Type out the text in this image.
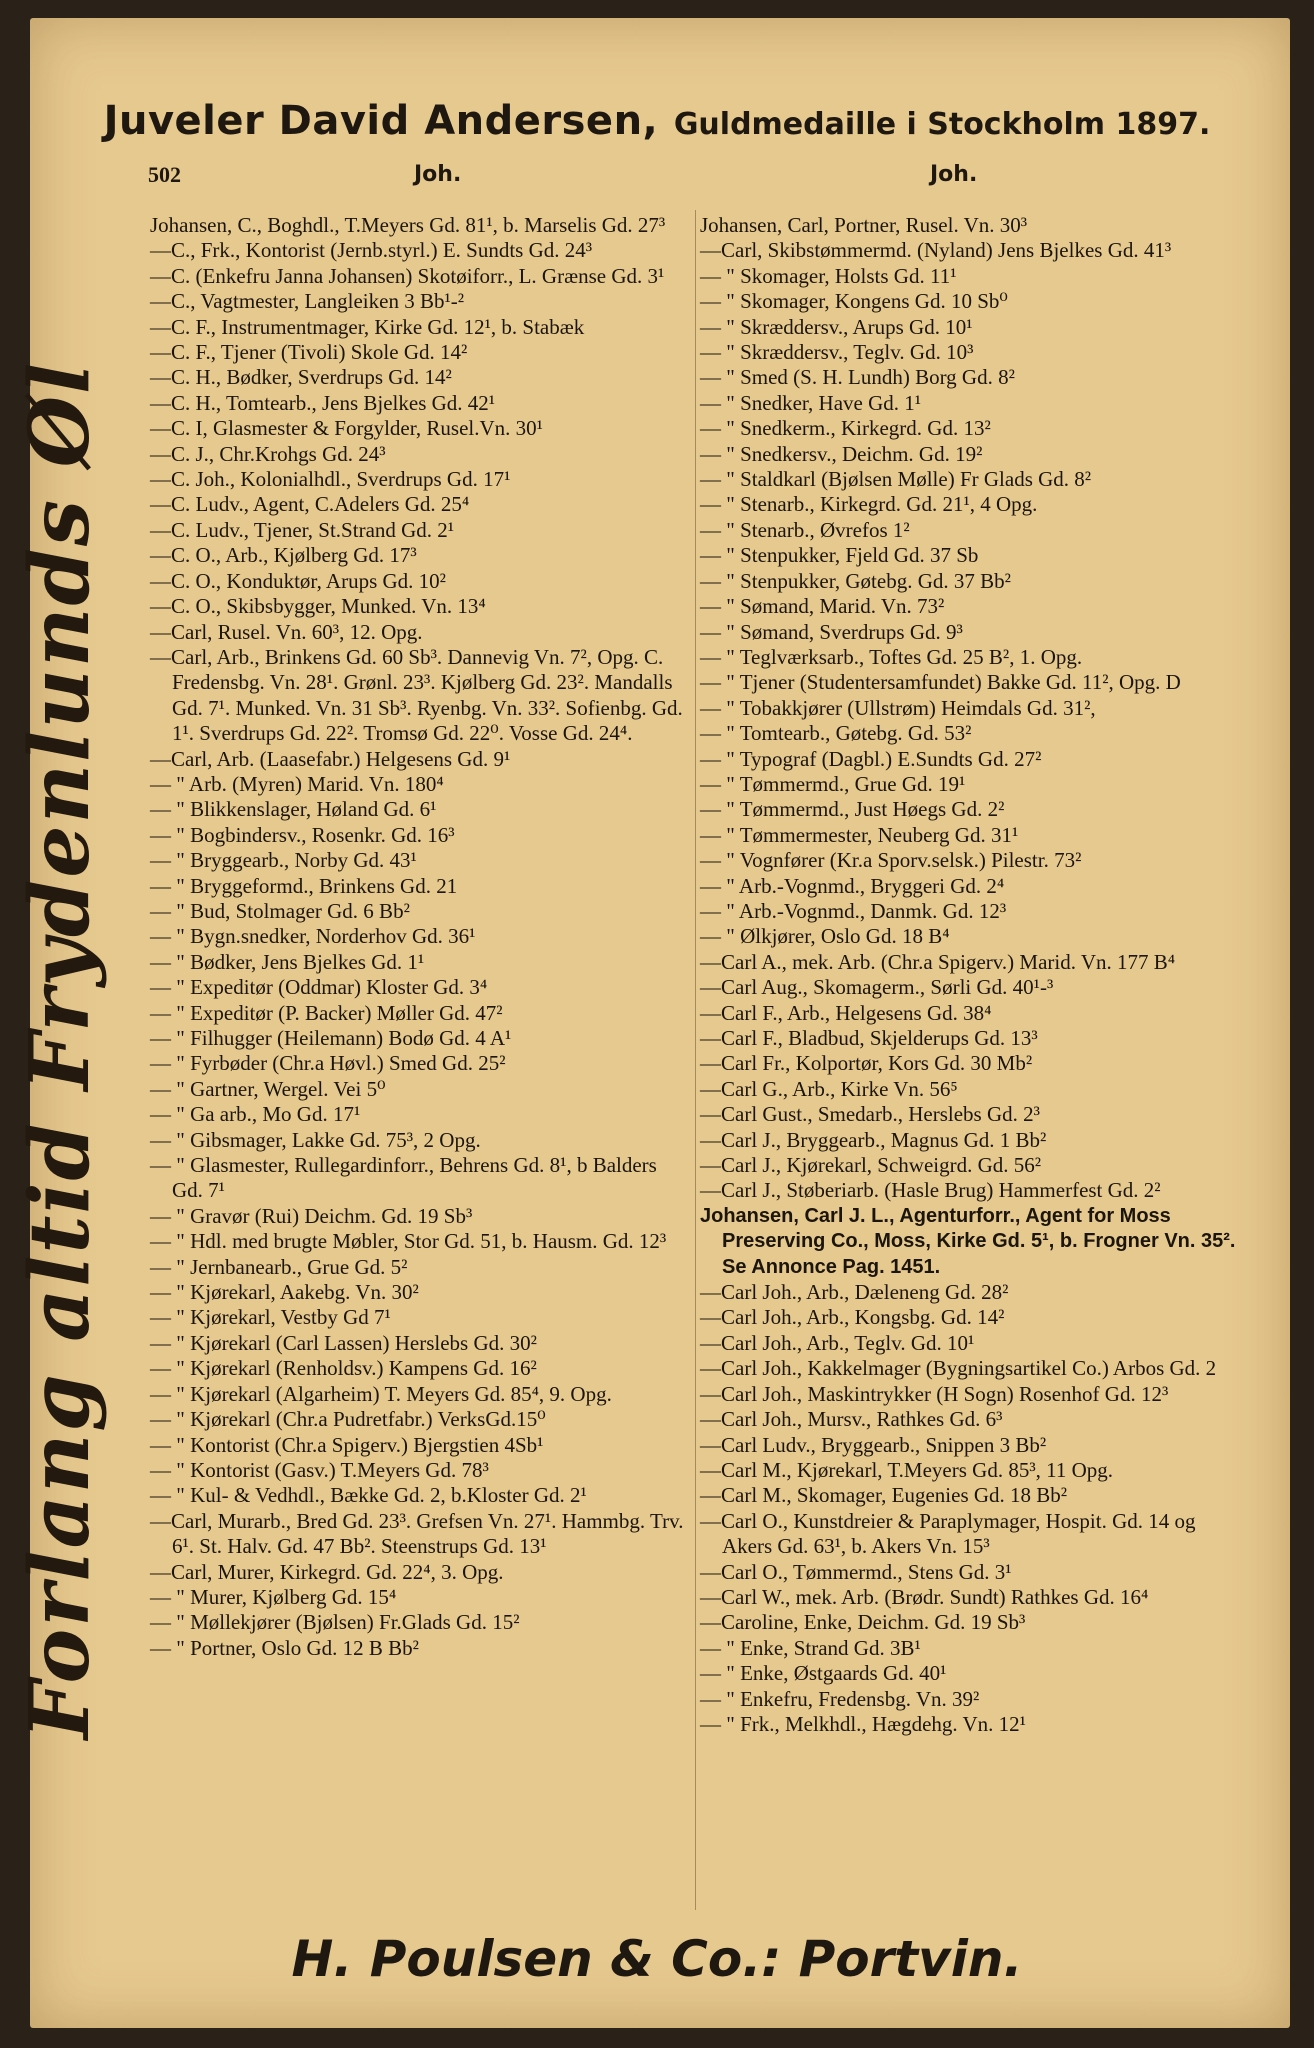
Juveler David Andersen, Guldmedaille i Stockholm 1897.
502	Joh.	Joh.
Forlang altid Frydenlunds Øl
Johansen, C., Boghdl., T.Meyers Gd. 81¹, b. Marselis Gd. 27³
—C., Frk., Kontorist (Jernb.styrl.) E. Sundts Gd. 24³
—C. (Enkefru Janna Johansen) Skotøiforr., L. Grænse Gd. 3¹
—C., Vagtmester, Langleiken 3 Bb¹-²
—C. F., Instrumentmager, Kirke Gd. 12¹, b. Stabæk
—C. F., Tjener (Tivoli) Skole Gd. 14²
—C. H., Bødker, Sverdrups Gd. 14²
—C. H., Tomtearb., Jens Bjelkes Gd. 42¹
—C. I, Glasmester & Forgylder, Rusel.Vn. 30¹
—C. J., Chr.Krohgs Gd. 24³
—C. Joh., Kolonialhdl., Sverdrups Gd. 17¹
—C. Ludv., Agent, C.Adelers Gd. 25⁴
—C. Ludv., Tjener, St.Strand Gd. 2¹
—C. O., Arb., Kjølberg Gd. 17³
—C. O., Konduktør, Arups Gd. 10²
—C. O., Skibsbygger, Munked. Vn. 13⁴
—Carl, Rusel. Vn. 60³, 12. Opg.
—Carl, Arb., Brinkens Gd. 60 Sb³. Dannevig Vn. 7², Opg. C. Fredensbg. Vn. 28¹. Grønl. 23³. Kjølberg Gd. 23². Mandalls Gd. 7¹. Munked. Vn. 31 Sb³. Ryenbg. Vn. 33². Sofienbg. Gd. 1¹. Sverdrups Gd. 22². Tromsø Gd. 22⁰. Vosse Gd. 24⁴.
—Carl, Arb. (Laasefabr.) Helgesens Gd. 9¹
— " Arb. (Myren) Marid. Vn. 180⁴
— " Blikkenslager, Høland Gd. 6¹
— " Bogbindersv., Rosenkr. Gd. 16³
— " Bryggearb., Norby Gd. 43¹
— " Bryggeformd., Brinkens Gd. 21
— " Bud, Stolmager Gd. 6 Bb²
— " Bygn.snedker, Norderhov Gd. 36¹
— " Bødker, Jens Bjelkes Gd. 1¹
— " Expeditør (Oddmar) Kloster Gd. 3⁴
— " Expeditør (P. Backer) Møller Gd. 47²
— " Filhugger (Heilemann) Bodø Gd. 4 A¹
— " Fyrbøder (Chr.a Høvl.) Smed Gd. 25²
— " Gartner, Wergel. Vei 5⁰
— " Ga arb., Mo Gd. 17¹
— " Gibsmager, Lakke Gd. 75³, 2 Opg.
— " Glasmester, Rullegardinforr., Behrens Gd. 8¹, b Balders Gd. 7¹
— " Gravør (Rui) Deichm. Gd. 19 Sb³
— " Hdl. med brugte Møbler, Stor Gd. 51, b. Hausm. Gd. 12³
— " Jernbanearb., Grue Gd. 5²
— " Kjørekarl, Aakebg. Vn. 30²
— " Kjørekarl, Vestby Gd 7¹
— " Kjørekarl (Carl Lassen) Herslebs Gd. 30²
— " Kjørekarl (Renholdsv.) Kampens Gd. 16²
— " Kjørekarl (Algarheim) T. Meyers Gd. 85⁴, 9. Opg.
— " Kjørekarl (Chr.a Pudretfabr.) VerksGd.15⁰
— " Kontorist (Chr.a Spigerv.) Bjergstien 4Sb¹
— " Kontorist (Gasv.) T.Meyers Gd. 78³
— " Kul- & Vedhdl., Bække Gd. 2, b.Kloster Gd. 2¹
—Carl, Murarb., Bred Gd. 23³. Grefsen Vn. 27¹. Hammbg. Trv. 6¹. St. Halv. Gd. 47 Bb². Steenstrups Gd. 13¹
—Carl, Murer, Kirkegrd. Gd. 22⁴, 3. Opg.
— " Murer, Kjølberg Gd. 15⁴
— " Møllekjører (Bjølsen) Fr.Glads Gd. 15²
— " Portner, Oslo Gd. 12 B Bb²
Johansen, Carl, Portner, Rusel. Vn. 30³
—Carl, Skibstømmermd. (Nyland) Jens Bjelkes Gd. 41³
— " Skomager, Holsts Gd. 11¹
— " Skomager, Kongens Gd. 10 Sb⁰
— " Skræddersv., Arups Gd. 10¹
— " Skræddersv., Teglv. Gd. 10³
— " Smed (S. H. Lundh) Borg Gd. 8²
— " Snedker, Have Gd. 1¹
— " Snedkerm., Kirkegrd. Gd. 13²
— " Snedkersv., Deichm. Gd. 19²
— " Staldkarl (Bjølsen Mølle) Fr Glads Gd. 8²
— " Stenarb., Kirkegrd. Gd. 21¹, 4 Opg.
— " Stenarb., Øvrefos 1²
— " Stenpukker, Fjeld Gd. 37 Sb
— " Stenpukker, Gøtebg. Gd. 37 Bb²
— " Sømand, Marid. Vn. 73²
— " Sømand, Sverdrups Gd. 9³
— " Teglværksarb., Toftes Gd. 25 B², 1. Opg.
— " Tjener (Studentersamfundet) Bakke Gd. 11², Opg. D
— " Tobakkjører (Ullstrøm) Heimdals Gd. 31²,
— " Tomtearb., Gøtebg. Gd. 53²
— " Typograf (Dagbl.) E.Sundts Gd. 27²
— " Tømmermd., Grue Gd. 19¹
— " Tømmermd., Just Høegs Gd. 2²
— " Tømmermester, Neuberg Gd. 31¹
— " Vognfører (Kr.a Sporv.selsk.) Pilestr. 73²
— " Arb.-Vognmd., Bryggeri Gd. 2⁴
— " Arb.-Vognmd., Danmk. Gd. 12³
— " Ølkjører, Oslo Gd. 18 B⁴
—Carl A., mek. Arb. (Chr.a Spigerv.) Marid. Vn. 177 B⁴
—Carl Aug., Skomagerm., Sørli Gd. 40¹-³
—Carl F., Arb., Helgesens Gd. 38⁴
—Carl F., Bladbud, Skjelderups Gd. 13³
—Carl Fr., Kolportør, Kors Gd. 30 Mb²
—Carl G., Arb., Kirke Vn. 56⁵
—Carl Gust., Smedarb., Herslebs Gd. 2³
—Carl J., Bryggearb., Magnus Gd. 1 Bb²
—Carl J., Kjørekarl, Schweigrd. Gd. 56²
—Carl J., Støberiarb. (Hasle Brug) Hammerfest Gd. 2²
Johansen, Carl J. L., Agenturforr., Agent for Moss Preserving Co., Moss, Kirke Gd. 5¹, b. Frogner Vn. 35². Se Annonce Pag. 1451.
—Carl Joh., Arb., Dæleneng Gd. 28²
—Carl Joh., Arb., Kongsbg. Gd. 14²
—Carl Joh., Arb., Teglv. Gd. 10¹
—Carl Joh., Kakkelmager (Bygningsartikel Co.) Arbos Gd. 2
—Carl Joh., Maskintrykker (H Sogn) Rosenhof Gd. 12³
—Carl Joh., Mursv., Rathkes Gd. 6³
—Carl Ludv., Bryggearb., Snippen 3 Bb²
—Carl M., Kjørekarl, T.Meyers Gd. 85³, 11 Opg.
—Carl M., Skomager, Eugenies Gd. 18 Bb²
—Carl O., Kunstdreier & Paraplymager, Hospit. Gd. 14 og Akers Gd. 63¹, b. Akers Vn. 15³
—Carl O., Tømmermd., Stens Gd. 3¹
—Carl W., mek. Arb. (Brødr. Sundt) Rathkes Gd. 16⁴
—Caroline, Enke, Deichm. Gd. 19 Sb³
— " Enke, Strand Gd. 3B¹
— " Enke, Østgaards Gd. 40¹
— " Enkefru, Fredensbg. Vn. 39²
— " Frk., Melkhdl., Hægdehg. Vn. 12¹
H. Poulsen & Co.: Portvin.
